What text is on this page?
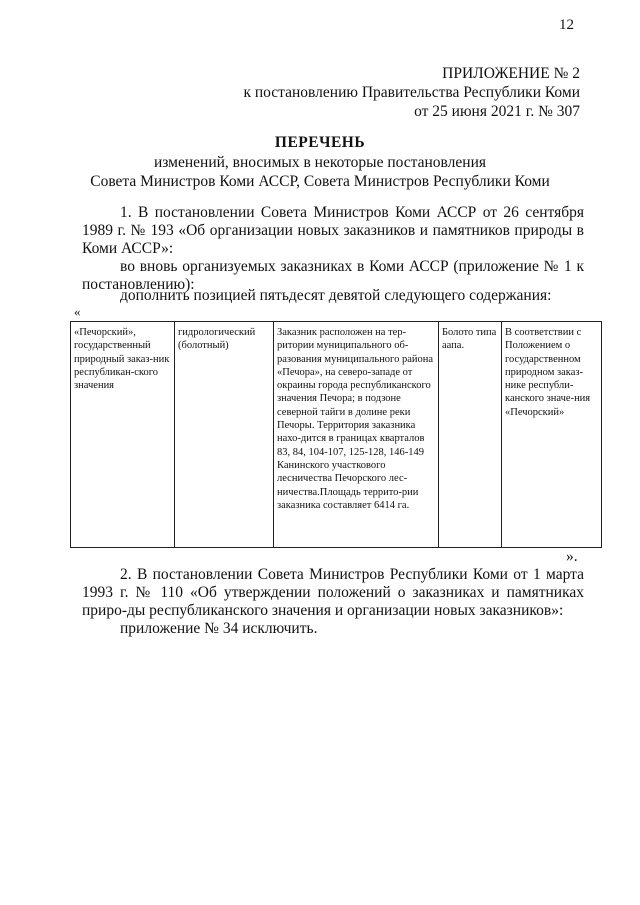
12
ПРИЛОЖЕНИЕ № 2
к постановлению Правительства Республики Коми
от 25 июня 2021 г. № 307
ПЕРЕЧЕНЬ
изменений, вносимых в некоторые постановления
Совета Министров Коми АССР, Совета Министров Республики Коми
1. В постановлении Совета Министров Коми АССР от 26 сентября 1989 г. № 193 «Об организации новых заказников и памятников природы в Коми АССР»:
во вновь организуемых заказниках в Коми АССР (приложение № 1 к постановлению):
дополнить позицией пятьдесят девятой следующего содержания:
«
«Печорский», государственный природный заказ-ник республикан-ского значения	гидрологический (болотный)	Заказник расположен на тер-ритории муниципального об-разования муниципального района «Печора», на северо-западе от окраины города республиканского значения Печора; в подзоне северной тайги в долине реки Печоры. Территория заказника нахо-дится в границах кварталов 83, 84, 104-107, 125-128, 146-149 Канинского участкового лесничества Печорского лес-ничества.Площадь террито-рии заказника составляет 6414 га.	Болото типа аапа.	В соответствии с Положением о государственном природном заказ-нике республи-канского значе-ния «Печорский»
».
2. В постановлении Совета Министров Республики Коми от 1 марта 1993 г. № 110 «Об утверждении положений о заказниках и памятниках приро-ды республиканского значения и организации новых заказников»:
приложение № 34 исключить.
